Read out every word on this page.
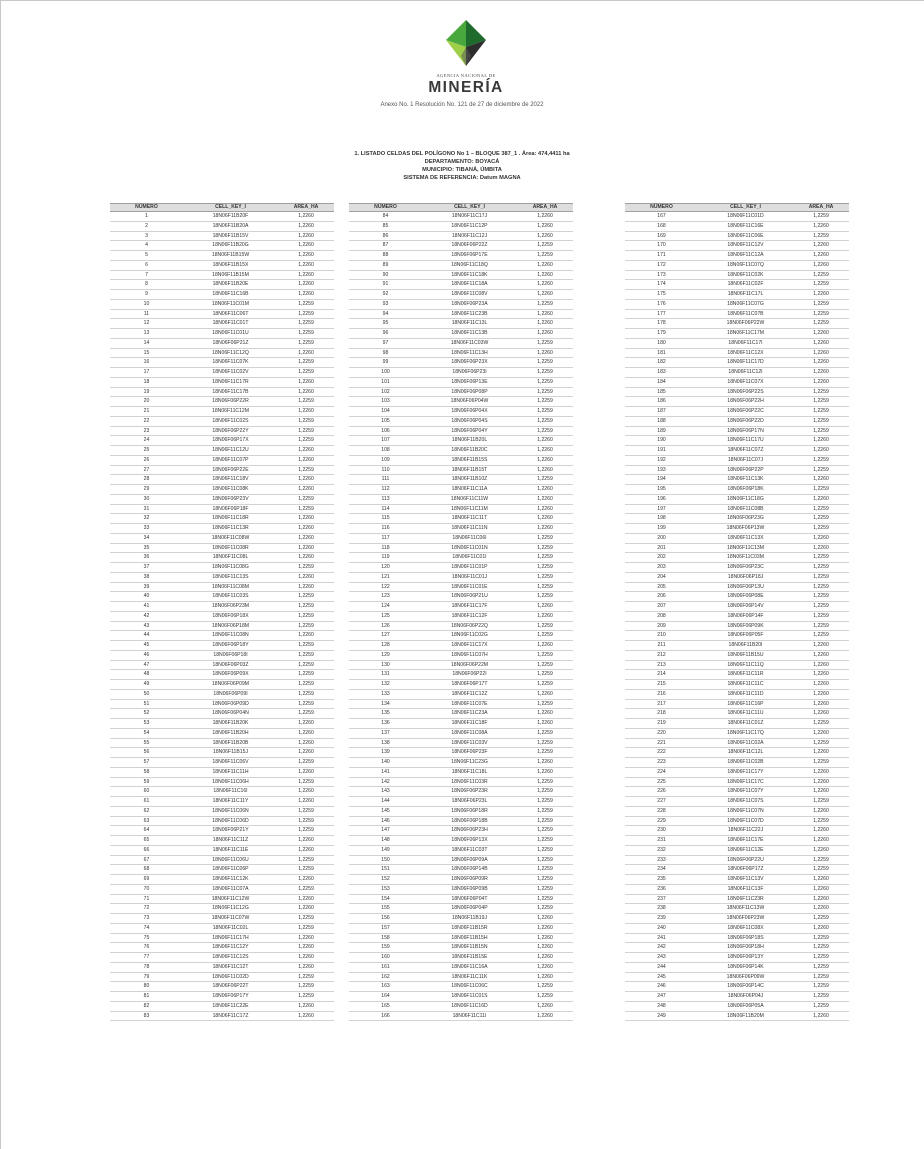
AGENCIA NACIONAL DE
MINERÍA
Anexo No. 1 Resolución No. 121 de 27 de diciembre de 2022
1. LISTADO CELDAS DEL POLÍGONO No 1 – BLOQUE 387_1 . Área: 474,4411 ha
DEPARTAMENTO: BOYACÁ
MUNICIPIO: TIBANÁ, ÚMBITA
SISTEMA DE REFERENCIA: Datum MAGNA
NÚMERO	CELL_KEY_I	AREA_HA
1	18N06F11B20F	1,2260
2	18N06F11B20A	1,2260
3	18N06F11B15V	1,2260
4	18N06F11B20G	1,2260
5	18N06F11B15W	1,2260
6	18N06F11B15X	1,2260
7	18N06F11B15M	1,2260
8	18N06F11B20E	1,2260
9	18N06F11C16B	1,2260
10	18N06F11C01M	1,2259
11	18N06F11C06T	1,2259
12	18N06F11C01T	1,2259
13	18N06F11C01U	1,2259
14	18N06F06P21Z	1,2259
15	18N06F11C12Q	1,2260
16	18N06F11C07K	1,2259
17	18N06F11C02V	1,2259
18	18N06F11C17R	1,2260
19	18N06F11C17B	1,2260
20	18N06F06P22R	1,2259
21	18N06F11C12M	1,2260
22	18N06F11C02S	1,2259
23	18N06F06P22Y	1,2259
24	18N06F06P17X	1,2259
25	18N06F11C12U	1,2260
26	18N06F11C07P	1,2260
27	18N06F06P22E	1,2259
28	18N06F11C18V	1,2260
29	18N06F11C08K	1,2260
30	18N06F06P23V	1,2259
31	18N06F06P18F	1,2259
32	18N06F11C18R	1,2260
33	18N06F11C13R	1,2260
34	18N06F11C08W	1,2260
35	18N06F11C08R	1,2260
36	18N06F11C08L	1,2260
37	18N06F11C08G	1,2259
38	18N06F11C13S	1,2260
39	18N06F11C08M	1,2260
40	18N06F11C03S	1,2259
41	18N06F06P23M	1,2259
42	18N06F06P18X	1,2259
43	18N06F06P18M	1,2259
44	18N06F11C08N	1,2260
45	18N06F06P18Y	1,2259
46	18N06F06P18I	1,2259
47	18N06F06P03Z	1,2259
48	18N06F06P09X	1,2259
49	18N06F06P09M	1,2259
50	18N06F06P09I	1,2259
51	18N06F06P09D	1,2259
52	18N06F06P04N	1,2259
53	18N06F11B20K	1,2260
54	18N06F11B20H	1,2260
55	18N06F11B20B	1,2260
56	18N06F11B15J	1,2260
57	18N06F11C06V	1,2259
58	18N06F11C11H	1,2260
59	18N06F11C06H	1,2259
60	18N06F11C16I	1,2260
61	18N06F11C11Y	1,2260
62	18N06F11C06N	1,2259
63	18N06F11C06D	1,2259
64	18N06F06P21Y	1,2259
65	18N06F11C11Z	1,2260
66	18N06F11C11E	1,2260
67	18N06F11C06U	1,2259
68	18N06F11C06P	1,2259
69	18N06F11C12K	1,2260
70	18N06F11C07A	1,2259
71	18N06F11C12W	1,2260
72	18N06F11C12G	1,2260
73	18N06F11C07W	1,2259
74	18N06F11C02L	1,2259
75	18N06F11C17H	1,2260
76	18N06F11C12Y	1,2260
77	18N06F11C12S	1,2260
78	18N06F11C12T	1,2260
79	18N06F11C02D	1,2259
80	18N06F06P22T	1,2259
81	18N06F06P17Y	1,2259
82	18N06F11C22E	1,2260
83	18N06F11C17Z	1,2260
NÚMERO	CELL_KEY_I	AREA_HA
84	18N06F11C17J	1,2260
85	18N06F11C12P	1,2260
86	18N06F11C12J	1,2260
87	18N06F06P22Z	1,2259
88	18N06F06P17E	1,2259
89	18N06F11C18Q	1,2260
90	18N06F11C18K	1,2260
91	18N06F11C18A	1,2260
92	18N06F11C08V	1,2260
93	18N06F06P23A	1,2259
94	18N06F11C23B	1,2260
95	18N06F11C13L	1,2260
96	18N06F11C13B	1,2260
97	18N06F11C03W	1,2259
98	18N06F11C13H	1,2260
99	18N06F06P23X	1,2259
100	18N06F06P23I	1,2259
101	18N06F06P13E	1,2259
102	18N06F06P08P	1,2259
103	18N06F06P04W	1,2259
104	18N06F06P04X	1,2259
105	18N06F06P04S	1,2259
106	18N06F06P04Y	1,2259
107	18N06F11B20L	1,2260
108	18N06F11B20C	1,2260
109	18N06F11B15S	1,2260
110	18N06F11B15T	1,2260
111	18N06F11B10Z	1,2259
112	18N06F11C11A	1,2260
113	18N06F11C11W	1,2260
114	18N06F11C11M	1,2260
115	18N06F11C11T	1,2260
116	18N06F11C11N	1,2260
117	18N06F11C06I	1,2259
118	18N06F11C01N	1,2259
119	18N06F11C01I	1,2259
120	18N06F11C01P	1,2259
121	18N06F11C01J	1,2259
122	18N06F11C01E	1,2259
123	18N06F06P21U	1,2259
124	18N06F11C17F	1,2260
125	18N06F11C12F	1,2260
126	18N06F06P22Q	1,2259
127	18N06F11C02G	1,2259
128	18N06F11C17X	1,2260
129	18N06F11C07H	1,2259
130	18N06F06P22M	1,2259
131	18N06F06P22I	1,2259
132	18N06F06P17T	1,2259
133	18N06F11C12Z	1,2260
134	18N06F11C07E	1,2259
135	18N06F11C23A	1,2260
136	18N06F11C18F	1,2260
137	18N06F11C08A	1,2259
138	18N06F11C03V	1,2259
139	18N06F06P23F	1,2259
140	18N06F11C23G	1,2260
141	18N06F11C18L	1,2260
142	18N06F11C03R	1,2259
143	18N06F06P23R	1,2259
144	18N06F06P23L	1,2259
145	18N06F06P18R	1,2259
146	18N06F06P18B	1,2259
147	18N06F06P23H	1,2259
148	18N06F06P13X	1,2259
149	18N06F11C03T	1,2259
150	18N06F06P09A	1,2259
151	18N06F06P14B	1,2259
152	18N06F06P09R	1,2259
153	18N06F06P09B	1,2259
154	18N06F06P04T	1,2259
155	18N06F06P04P	1,2259
156	18N06F11B19J	1,2260
157	18N06F11B15R	1,2260
158	18N06F11B15H	1,2260
159	18N06F11B15N	1,2260
160	18N06F11B15E	1,2260
161	18N06F11C16A	1,2260
162	18N06F11C11K	1,2260
163	18N06F11C06C	1,2259
164	18N06F11C01S	1,2259
165	18N06F11C16D	1,2260
166	18N06F11C11I	1,2260
NÚMERO	CELL_KEY_I	AREA_HA
167	18N06F11C01D	1,2259
168	18N06F11C16E	1,2260
169	18N06F11C06E	1,2259
170	18N06F11C12V	1,2260
171	18N06F11C12A	1,2260
172	18N06F11C07Q	1,2260
173	18N06F11C02K	1,2259
174	18N06F11C02F	1,2259
175	18N06F11C17L	1,2260
176	18N06F11C07G	1,2259
177	18N06F11C07B	1,2259
178	18N06F06P22W	1,2259
179	18N06F11C17M	1,2260
180	18N06F11C17I	1,2260
181	18N06F11C12X	1,2260
182	18N06F11C17D	1,2260
183	18N06F11C12I	1,2260
184	18N06F11C07X	1,2260
185	18N06F06P22S	1,2259
186	18N06F06P22H	1,2259
187	18N06F06P22C	1,2259
188	18N06F06P22D	1,2259
189	18N06F06P17N	1,2259
190	18N06F11C17U	1,2260
191	18N06F11C07Z	1,2260
192	18N06F11C07J	1,2259
193	18N06F06P22P	1,2259
194	18N06F11C13K	1,2260
195	18N06F06P18K	1,2259
196	18N06F11C18G	1,2260
197	18N06F11C08B	1,2259
198	18N06F06P23G	1,2259
199	18N06F06P13W	1,2259
200	18N06F11C13X	1,2260
201	18N06F11C13M	1,2260
202	18N06F11C03M	1,2259
203	18N06F06P23C	1,2259
204	18N06F06P18J	1,2259
205	18N06F06P13U	1,2259
206	18N06F06P08E	1,2259
207	18N06F06P14V	1,2259
208	18N06F06P14F	1,2259
209	18N06F06P09K	1,2259
210	18N06F06P05F	1,2259
211	18N06F11B20I	1,2260
212	18N06F11B15U	1,2260
213	18N06F11C11Q	1,2260
214	18N06F11C11R	1,2260
215	18N06F11C11C	1,2260
216	18N06F11C11D	1,2260
217	18N06F11C16P	1,2260
218	18N06F11C11U	1,2260
219	18N06F11C01Z	1,2259
220	18N06F11C17Q	1,2260
221	18N06F11C02A	1,2259
222	18N06F11C12L	1,2260
223	18N06F11C02B	1,2259
224	18N06F11C17Y	1,2260
225	18N06F11C17C	1,2260
226	18N06F11C07Y	1,2260
227	18N06F11C07S	1,2259
228	18N06F11C07N	1,2260
229	18N06F11C07D	1,2259
230	18N06F11C22J	1,2260
231	18N06F11C17E	1,2260
232	18N06F11C12E	1,2260
233	18N06F06P22U	1,2259
234	18N06F06P17Z	1,2259
235	18N06F11C13V	1,2260
236	18N06F11C13F	1,2260
237	18N06F11C23R	1,2260
238	18N06F11C13W	1,2260
239	18N06F06P23W	1,2259
240	18N06F11C08X	1,2260
241	18N06F06P18S	1,2259
242	18N06F06P18H	1,2259
243	18N06F06P13Y	1,2259
244	18N06F06P14K	1,2259
245	18N06F06P09W	1,2259
246	18N06F06P14C	1,2259
247	18N06F06P04J	1,2259
248	18N06F06P05A	1,2259
249	18N06F11B20M	1,2260
